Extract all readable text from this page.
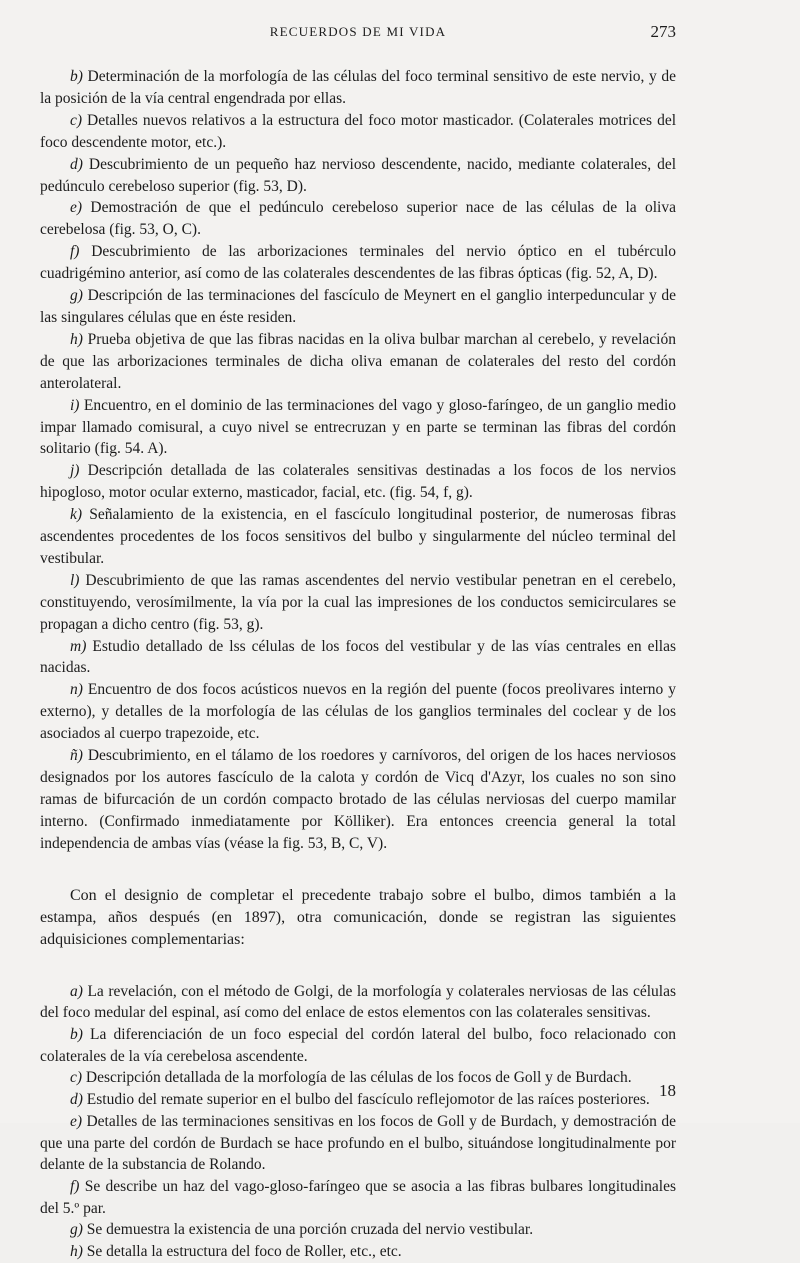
RECUERDOS DE MI VIDA	273

b) Determinación de la morfología de las células del foco terminal sensitivo de este nervio, y de la posición de la vía central engendrada por ellas.

c) Detalles nuevos relativos a la estructura del foco motor masticador. (Colaterales motrices del foco descendente motor, etc.).

d) Descubrimiento de un pequeño haz nervioso descendente, nacido, mediante colaterales, del pedúnculo cerebeloso superior (fig. 53, D).

e) Demostración de que el pedúnculo cerebeloso superior nace de las células de la oliva cerebelosa (fig. 53, O, C).

f) Descubrimiento de las arborizaciones terminales del nervio óptico en el tubérculo cuadrigémino anterior, así como de las colaterales descendentes de las fibras ópticas (fig. 52, A, D).

g) Descripción de las terminaciones del fascículo de Meynert en el ganglio interpeduncular y de las singulares células que en éste residen.

h) Prueba objetiva de que las fibras nacidas en la oliva bulbar marchan al cerebelo, y revelación de que las arborizaciones terminales de dicha oliva emanan de colaterales del resto del cordón anterolateral.

i) Encuentro, en el dominio de las terminaciones del vago y gloso-faríngeo, de un ganglio medio impar llamado comisural, a cuyo nivel se entrecruzan y en parte se terminan las fibras del cordón solitario (fig. 54. A).

j) Descripción detallada de las colaterales sensitivas destinadas a los focos de los nervios hipogloso, motor ocular externo, masticador, facial, etc. (fig. 54, f, g).

k) Señalamiento de la existencia, en el fascículo longitudinal posterior, de numerosas fibras ascendentes procedentes de los focos sensitivos del bulbo y singularmente del núcleo terminal del vestibular.

l) Descubrimiento de que las ramas ascendentes del nervio vestibular penetran en el cerebelo, constituyendo, verosímilmente, la vía por la cual las impresiones de los conductos semicirculares se propagan a dicho centro (fig. 53, g).

m) Estudio detallado de lss células de los focos del vestibular y de las vías centrales en ellas nacidas.

n) Encuentro de dos focos acústicos nuevos en la región del puente (focos preolivares interno y externo), y detalles de la morfología de las células de los ganglios terminales del coclear y de los asociados al cuerpo trapezoide, etc.

ñ) Descubrimiento, en el tálamo de los roedores y carnívoros, del origen de los haces nerviosos designados por los autores fascículo de la calota y cordón de Vicq d'Azyr, los cuales no son sino ramas de bifurcación de un cordón compacto brotado de las células nerviosas del cuerpo mamilar interno. (Confirmado inmediatamente por Kölliker). Era entonces creencia general la total independencia de ambas vías (véase la fig. 53, B, C, V).

Con el designio de completar el precedente trabajo sobre el bulbo, dimos también a la estampa, años después (en 1897), otra comunicación, donde se registran las siguientes adquisiciones complementarias:

a) La revelación, con el método de Golgi, de la morfología y colaterales nerviosas de las células del foco medular del espinal, así como del enlace de estos elementos con las colaterales sensitivas.

b) La diferenciación de un foco especial del cordón lateral del bulbo, foco relacionado con colaterales de la vía cerebelosa ascendente.

c) Descripción detallada de la morfología de las células de los focos de Goll y de Burdach.

d) Estudio del remate superior en el bulbo del fascículo reflejomotor de las raíces posteriores.

e) Detalles de las terminaciones sensitivas en los focos de Goll y de Burdach, y demostración de que una parte del cordón de Burdach se hace profundo en el bulbo, situándose longitudinalmente por delante de la substancia de Rolando.

f) Se describe un haz del vago-gloso-faríngeo que se asocia a las fibras bulbares longitudinales del 5.º par.

g) Se demuestra la existencia de una porción cruzada del nervio vestibular.

h) Se detalla la estructura del foco de Roller, etc., etc.

18
